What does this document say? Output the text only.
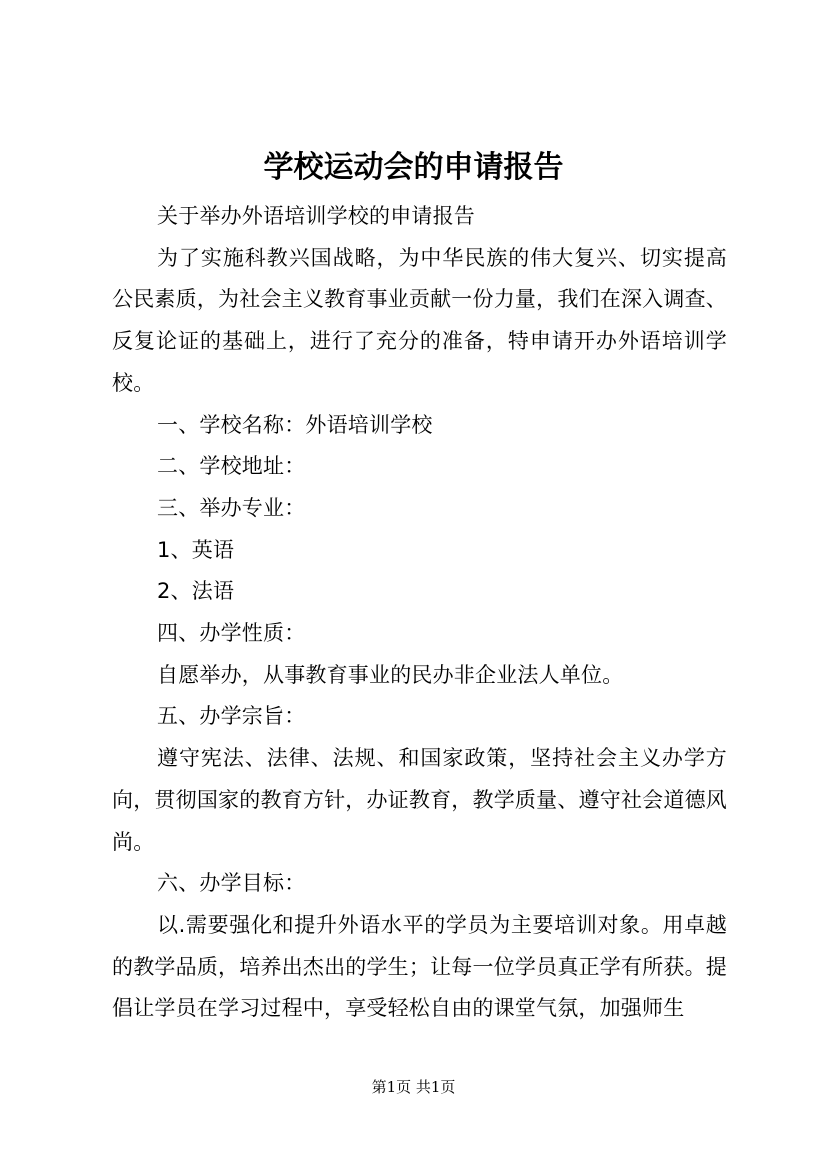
学校运动会的申请报告

关于举办外语培训学校的申请报告

为了实施科教兴国战略，为中华民族的伟大复兴、切实提高公民素质，为社会主义教育事业贡献一份力量，我们在深入调查、反复论证的基础上，进行了充分的准备，特申请开办外语培训学校。

一、学校名称：外语培训学校

二、学校地址：

三、举办专业：

1、英语

2、法语

四、办学性质：

自愿举办，从事教育事业的民办非企业法人单位。

五、办学宗旨：

遵守宪法、法律、法规、和国家政策，坚持社会主义办学方向，贯彻国家的教育方针，办证教育，教学质量、遵守社会道德风尚。

六、办学目标：

以.需要强化和提升外语水平的学员为主要培训对象。用卓越的教学品质，培养出杰出的学生；让每一位学员真正学有所获。提倡让学员在学习过程中，享受轻松自由的课堂气氛，加强师生

第1页 共1页
